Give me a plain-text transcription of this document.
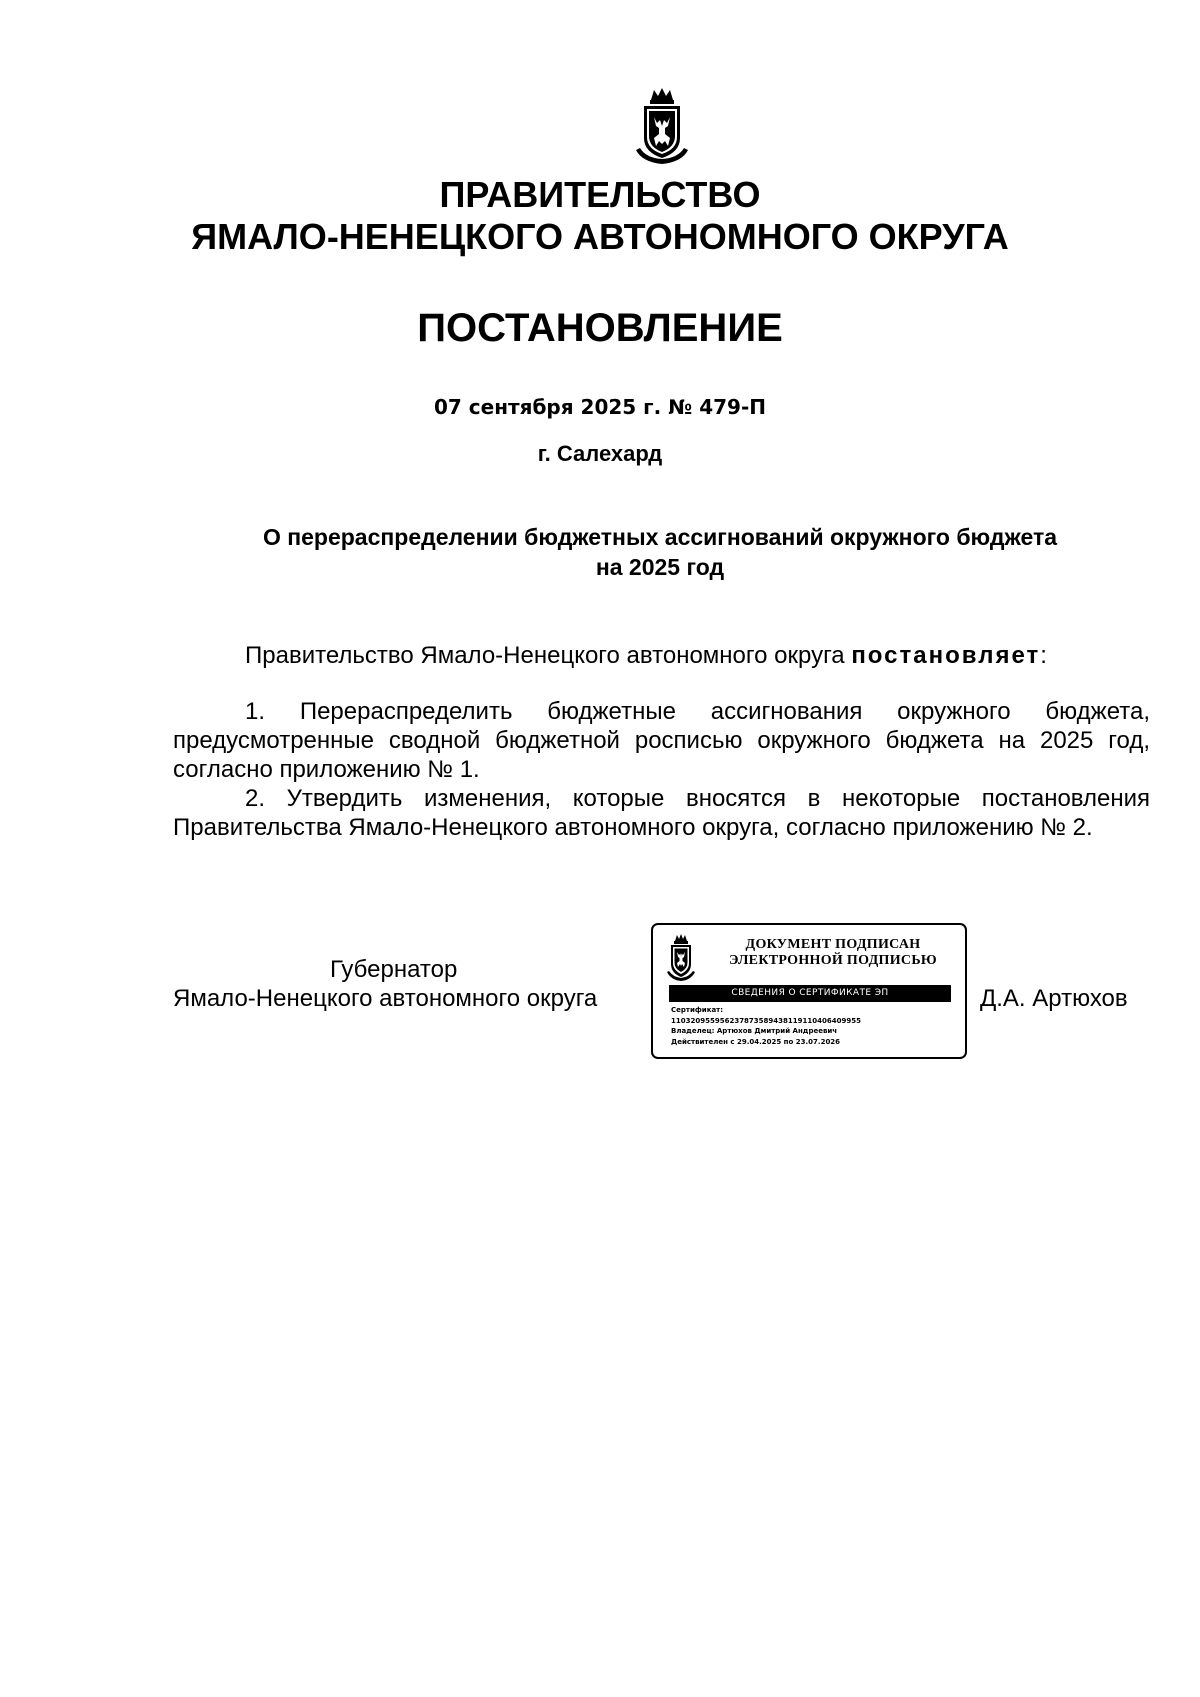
ПРАВИТЕЛЬСТВО
ЯМАЛО-НЕНЕЦКОГО АВТОНОМНОГО ОКРУГА
ПОСТАНОВЛЕНИЕ
07 сентября 2025 г. № 479-П
г. Салехард
О перераспределении бюджетных ассигнований окружного бюджета
на 2025 год
Правительство Ямало-Ненецкого автономного округа постановляет:

1. Перераспределить бюджетные ассигнования окружного бюджета, предусмотренные сводной бюджетной росписью окружного бюджета на 2025 год, согласно приложению № 1.

2. Утвердить изменения, которые вносятся в некоторые постановления Правительства Ямало-Ненецкого автономного округа, согласно приложению № 2.

Губернатор
Ямало-Ненецкого автономного округа
ДОКУМЕНТ ПОДПИСАН
ЭЛЕКТРОННОЙ ПОДПИСЬЮ
СВЕДЕНИЯ О СЕРТИФИКАТЕ ЭП
Сертификат:
11032095595623787358943811911040640995​5
Владелец: Артюхов Дмитрий Андреевич
Действителен с 29.04.2025 по 23.07.2026
Д.А. Артюхов
